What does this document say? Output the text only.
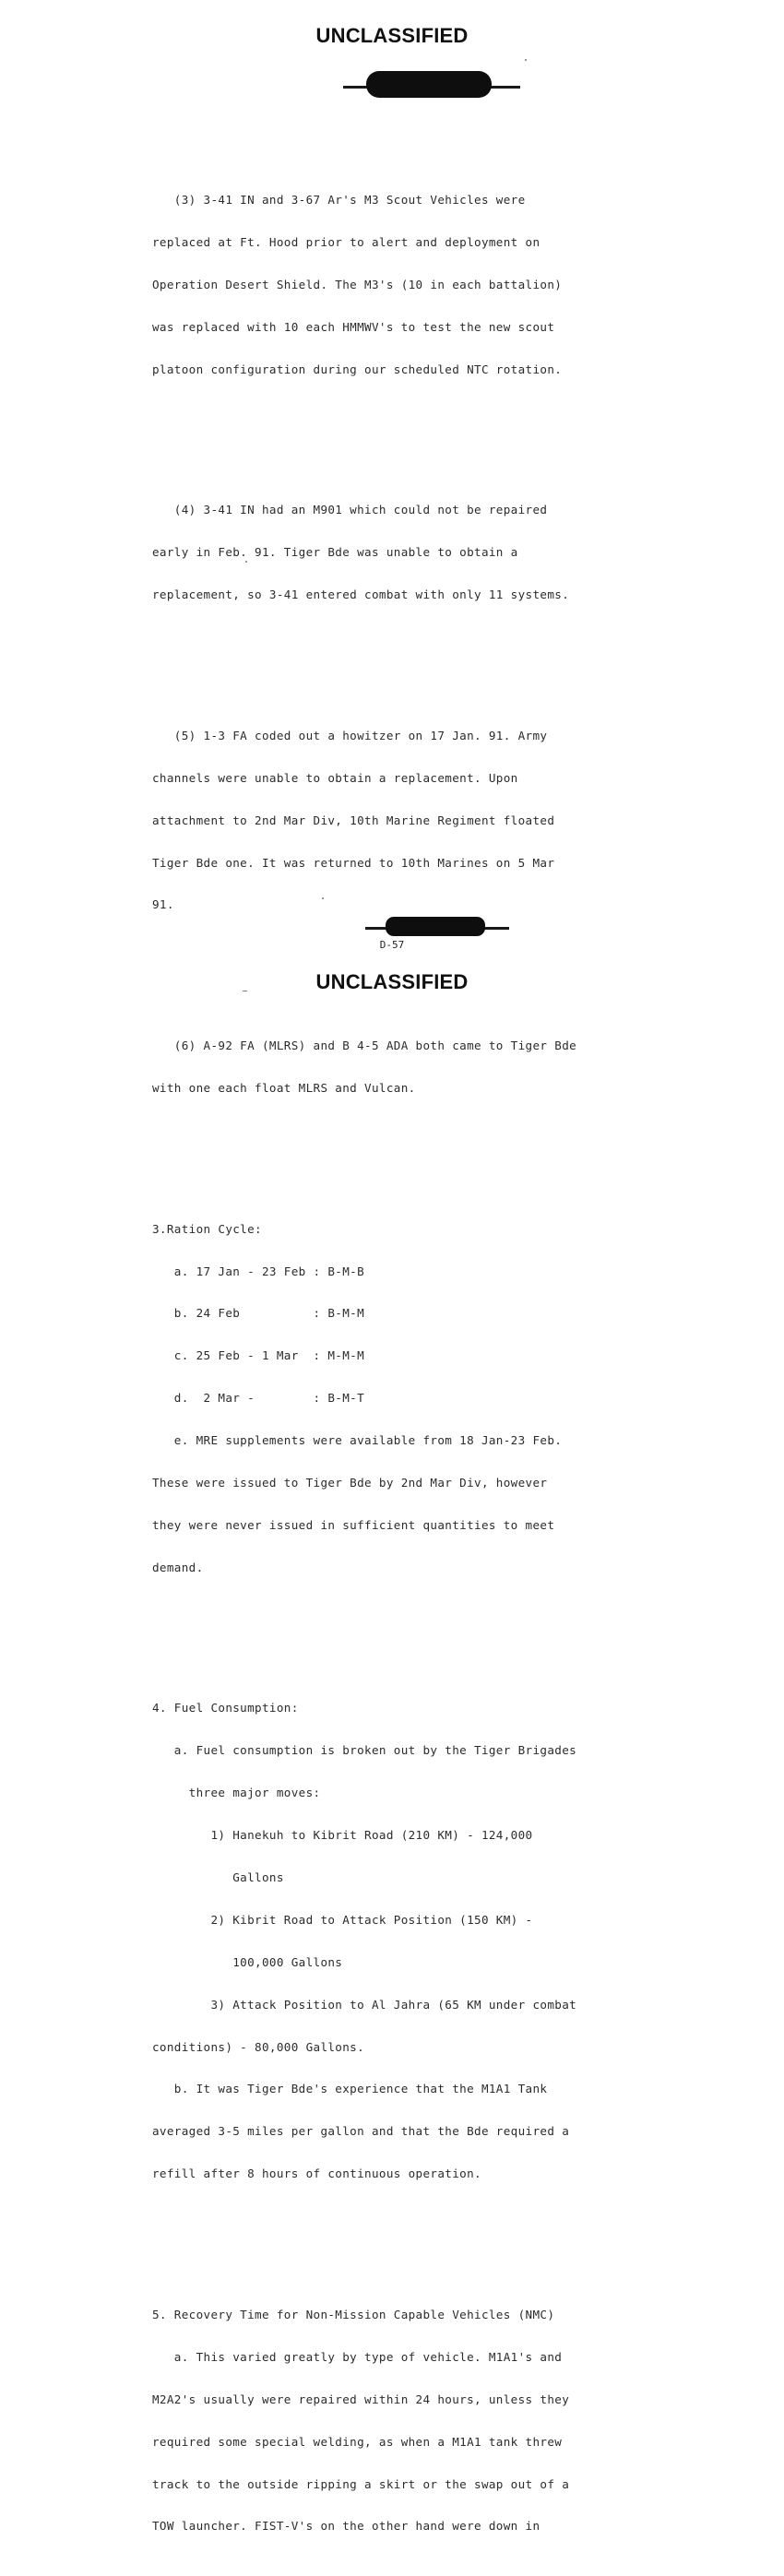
UNCLASSIFIED

(3) 3-41 IN and 3-67 Ar's M3 Scout Vehicles were

replaced at Ft. Hood prior to alert and deployment on

Operation Desert Shield. The M3's (10 in each battalion)

was replaced with 10 each HMMWV's to test the new scout

platoon configuration during our scheduled NTC rotation.

(4) 3-41 IN had an M901 which could not be repaired

early in Feb. 91. Tiger Bde was unable to obtain a

replacement, so 3-41 entered combat with only 11 systems.

(5) 1-3 FA coded out a howitzer on 17 Jan. 91. Army

channels were unable to obtain a replacement. Upon

attachment to 2nd Mar Div, 10th Marine Regiment floated

Tiger Bde one. It was returned to 10th Marines on 5 Mar

91.

(6) A-92 FA (MLRS) and B 4-5 ADA both came to Tiger Bde

with one each float MLRS and Vulcan.

3.Ration Cycle:

a. 17 Jan - 23 Feb : B-M-B

b. 24 Feb          : B-M-M

c. 25 Feb - 1 Mar  : M-M-M

d.  2 Mar -        : B-M-T

e. MRE supplements were available from 18 Jan-23 Feb.

These were issued to Tiger Bde by 2nd Mar Div, however

they were never issued in sufficient quantities to meet

demand.

4. Fuel Consumption:

a. Fuel consumption is broken out by the Tiger Brigades

three major moves:

1) Hanekuh to Kibrit Road (210 KM) - 124,000

Gallons

2) Kibrit Road to Attack Position (150 KM) -

100,000 Gallons

3) Attack Position to Al Jahra (65 KM under combat

conditions) - 80,000 Gallons.

b. It was Tiger Bde's experience that the M1A1 Tank

averaged 3-5 miles per gallon and that the Bde required a

refill after 8 hours of continuous operation.

5. Recovery Time for Non-Mission Capable Vehicles (NMC)

a. This varied greatly by type of vehicle. M1A1's and

M2A2's usually were repaired within 24 hours, unless they

required some special welding, as when a M1A1 tank threw

track to the outside ripping a skirt or the swap out of a

TOW launcher. FIST-V's on the other hand were down in

D-57
UNCLASSIFIED
